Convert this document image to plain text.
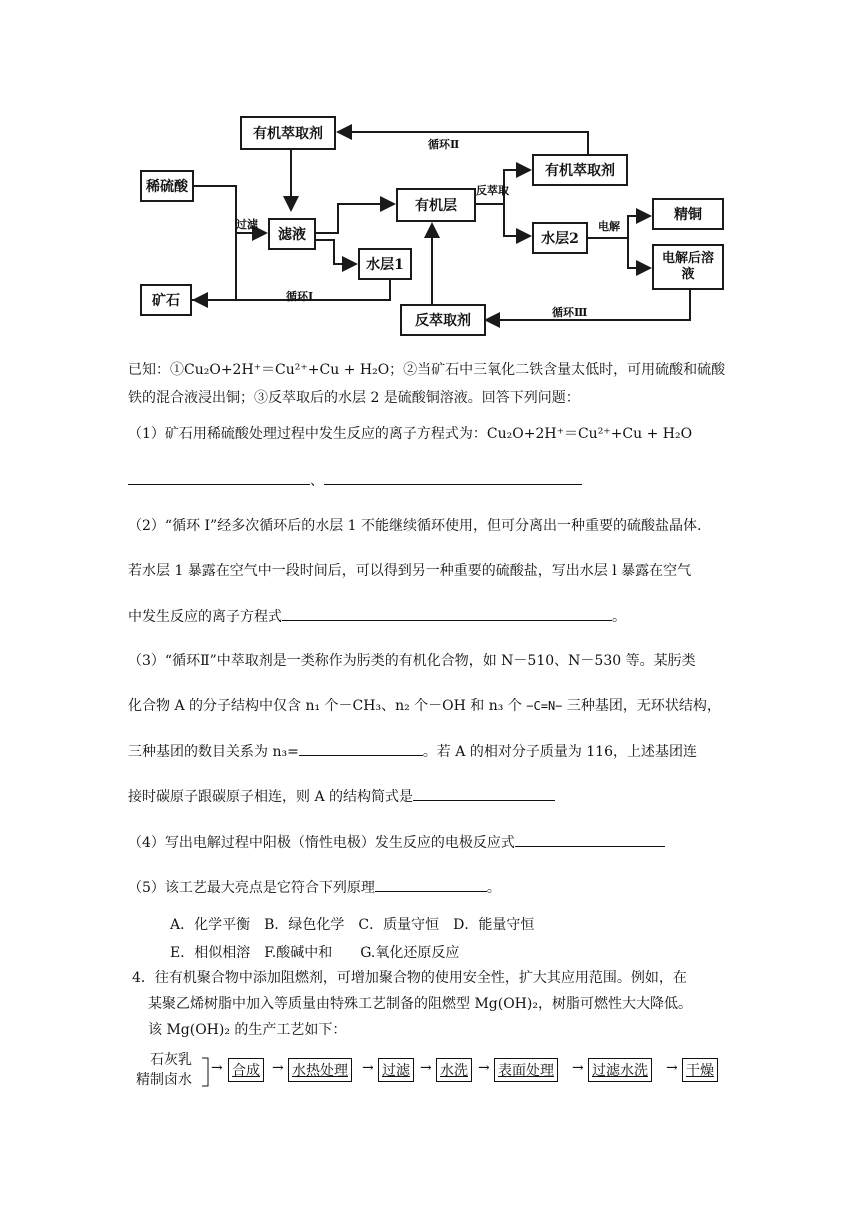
有机萃取剂
稀硫酸
滤液
水层1
矿石
有机层
有机萃取剂
水层2
精铜
电解后溶液
反萃取剂
过滤
循环Ⅱ
反萃取
电解
循环Ⅰ
循环Ⅲ

已知：①Cu₂O+2H⁺＝Cu²⁺+Cu + H₂O；②当矿石中三氧化二铁含量太低时，可用硫酸和硫酸

铁的混合液浸出铜；③反萃取后的水层 2 是硫酸铜溶液。回答下列问题：

（1）矿石用稀硫酸处理过程中发生反应的离子方程式为：Cu₂O+2H⁺＝Cu²⁺+Cu + H₂O

、

（2）“循环 I”经多次循环后的水层 1 不能继续循环使用，但可分离出一种重要的硫酸盐晶体.

若水层 1 暴露在空气中一段时间后，可以得到另一种重要的硫酸盐，写出水层 l 暴露在空气

中发生反应的离子方程式	。

（3）“循环Ⅱ”中萃取剂是一类称作为肟类的有机化合物，如 N－510、N－530 等。某肟类

化合物 A 的分子结构中仅含 n₁ 个－CH₃、n₂ 个－OH 和 n₃ 个 −C=N− 三种基团，无环状结构，

三种基团的数目关系为 n₃=	。若 A 的相对分子质量为 116，上述基团连

接时碳原子跟碳原子相连，则 A 的结构简式是

（4）写出电解过程中阳极（惰性电极）发生反应的电极反应式

（5）该工艺最大亮点是它符合下列原理	。

A．化学平衡　B．绿色化学　C．质量守恒　D．能量守恒
E．相似相溶　F.酸碱中和　　G.氧化还原反应

4．往有机聚合物中添加阻燃剂，可增加聚合物的使用安全性，扩大其应用范围。例如，在

某聚乙烯树脂中加入等质量由特殊工艺制备的阻燃型 Mg(OH)₂，树脂可燃性大大降低。

该 Mg(OH)₂ 的生产工艺如下：

石灰乳
精制卤水
→ 合成 → 水热处理 → 过滤 → 水洗 → 表面处理 → 过滤水洗 → 干燥
